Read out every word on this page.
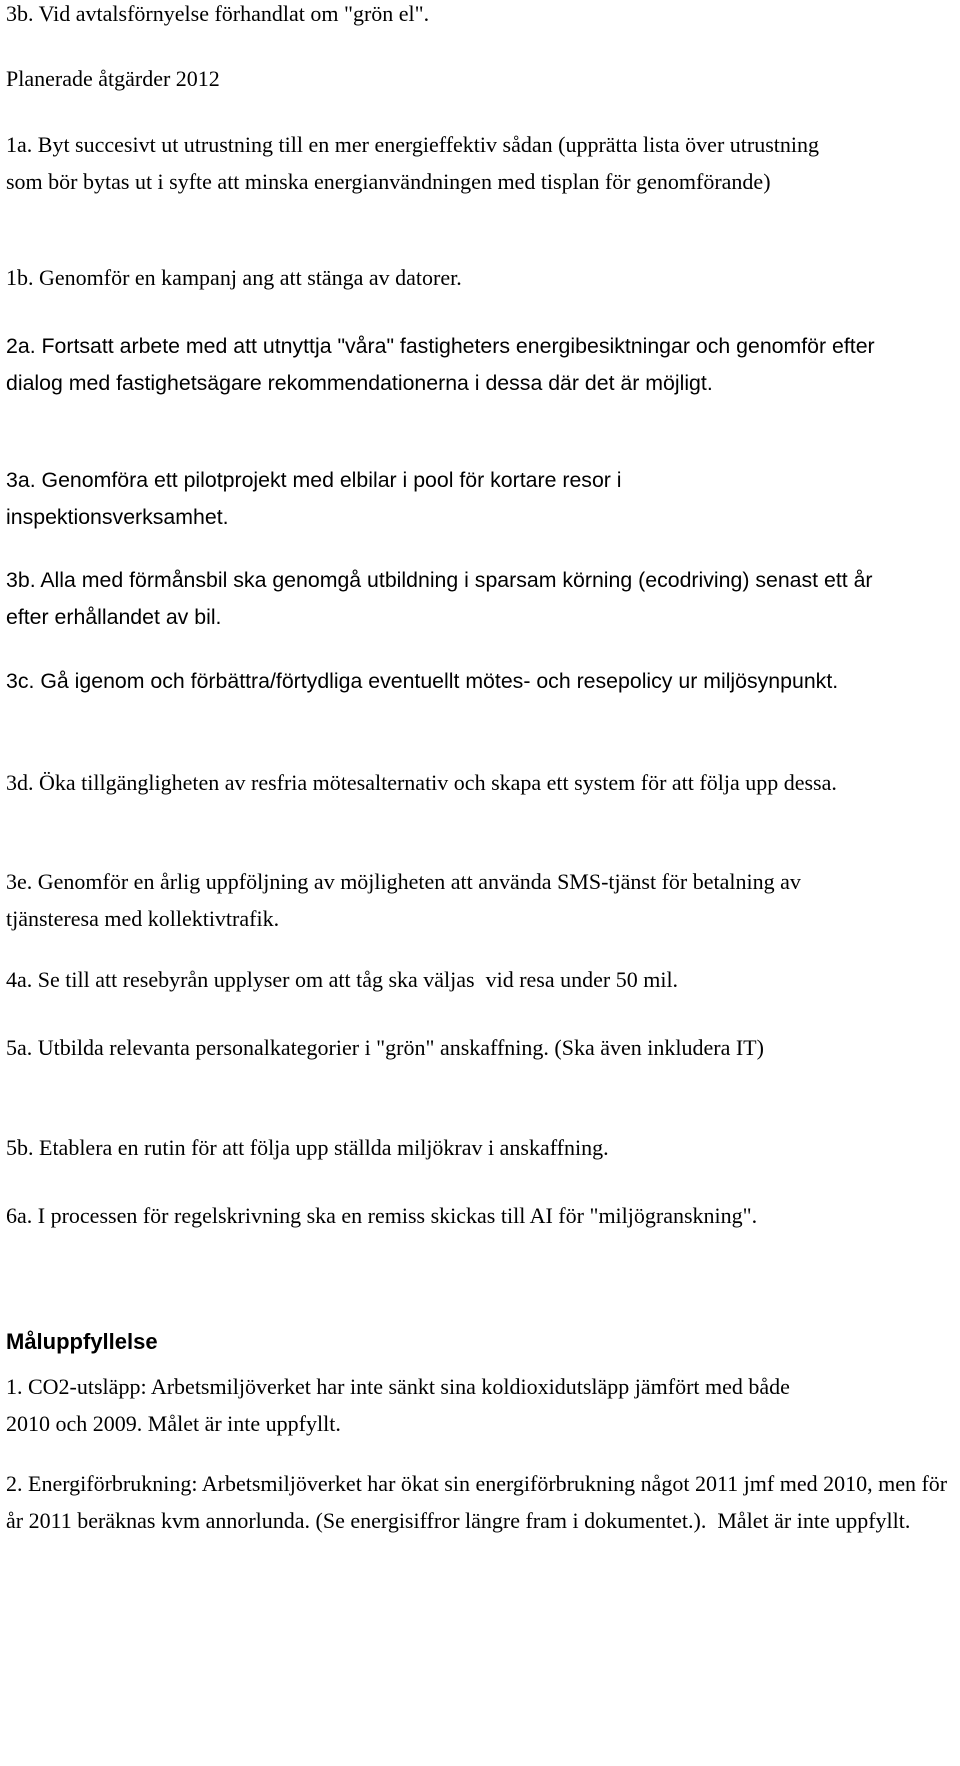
3b. Vid avtalsförnyelse förhandlat om "grön el".

Planerade åtgärder 2012

1a. Byt succesivt ut utrustning till en mer energieffektiv sådan (upprätta lista över utrustning som bör bytas ut i syfte att minska energianvändningen med tisplan för genomförande)

1b. Genomför en kampanj ang att stänga av datorer.

2a. Fortsatt arbete med att utnyttja "våra" fastigheters energibesiktningar och genomför efter dialog med fastighetsägare rekommendationerna i dessa där det är möjligt.

3a. Genomföra ett pilotprojekt med elbilar i pool för kortare resor i inspektionsverksamhet.

3b. Alla med förmånsbil ska genomgå utbildning i sparsam körning (ecodriving) senast ett år efter erhållandet av bil.

3c. Gå igenom och förbättra/förtydliga eventuellt mötes- och resepolicy ur miljösynpunkt.

3d. Öka tillgängligheten av resfria mötesalternativ och skapa ett system för att följa upp dessa.

3e. Genomför en årlig uppföljning av möjligheten att använda SMS-tjänst för betalning av tjänsteresa med kollektivtrafik.

4a. Se till att resebyrån upplyser om att tåg ska väljas  vid resa under 50 mil.

5a. Utbilda relevanta personalkategorier i "grön" anskaffning. (Ska även inkludera IT)

5b. Etablera en rutin för att följa upp ställda miljökrav i anskaffning.

6a. I processen för regelskrivning ska en remiss skickas till AI för "miljögranskning".

Måluppfyllelse

1. CO2-utsläpp: Arbetsmiljöverket har inte sänkt sina koldioxidutsläpp jämfört med både 2010 och 2009. Målet är inte uppfyllt.

2. Energiförbrukning: Arbetsmiljöverket har ökat sin energiförbrukning något 2011 jmf med 2010, men för år 2011 beräknas kvm annorlunda. (Se energisiffror längre fram i dokumentet.).  Målet är inte uppfyllt.
